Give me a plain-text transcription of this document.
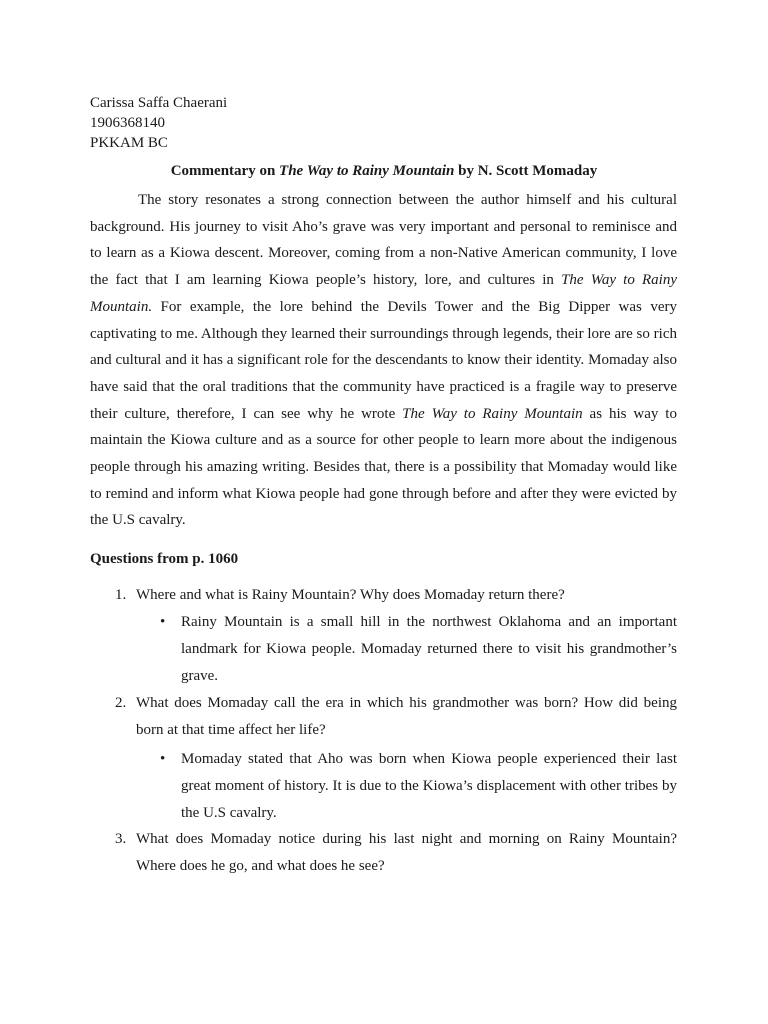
Carissa Saffa Chaerani
1906368140
PKKAM BC
Commentary on The Way to Rainy Mountain by N. Scott Momaday

The story resonates a strong connection between the author himself and his cultural background. His journey to visit Aho’s grave was very important and personal to reminisce and to learn as a Kiowa descent. Moreover, coming from a non-Native American community, I love the fact that I am learning Kiowa people’s history, lore, and cultures in The Way to Rainy Mountain. For example, the lore behind the Devils Tower and the Big Dipper was very captivating to me. Although they learned their surroundings through legends, their lore are so rich and cultural and it has a significant role for the descendants to know their identity. Momaday also have said that the oral traditions that the community have practiced is a fragile way to preserve their culture, therefore, I can see why he wrote The Way to Rainy Mountain as his way to maintain the Kiowa culture and as a source for other people to learn more about the indigenous people through his amazing writing. Besides that, there is a possibility that Momaday would like to remind and inform what Kiowa people had gone through before and after they were evicted by the U.S cavalry.

Questions from p. 1060
1. Where and what is Rainy Mountain? Why does Momaday return there?
• Rainy Mountain is a small hill in the northwest Oklahoma and an important landmark for Kiowa people. Momaday returned there to visit his grandmother’s grave.
2. What does Momaday call the era in which his grandmother was born? How did being born at that time affect her life?
• Momaday stated that Aho was born when Kiowa people experienced their last great moment of history. It is due to the Kiowa’s displacement with other tribes by the U.S cavalry.
3. What does Momaday notice during his last night and morning on Rainy Mountain? Where does he go, and what does he see?
